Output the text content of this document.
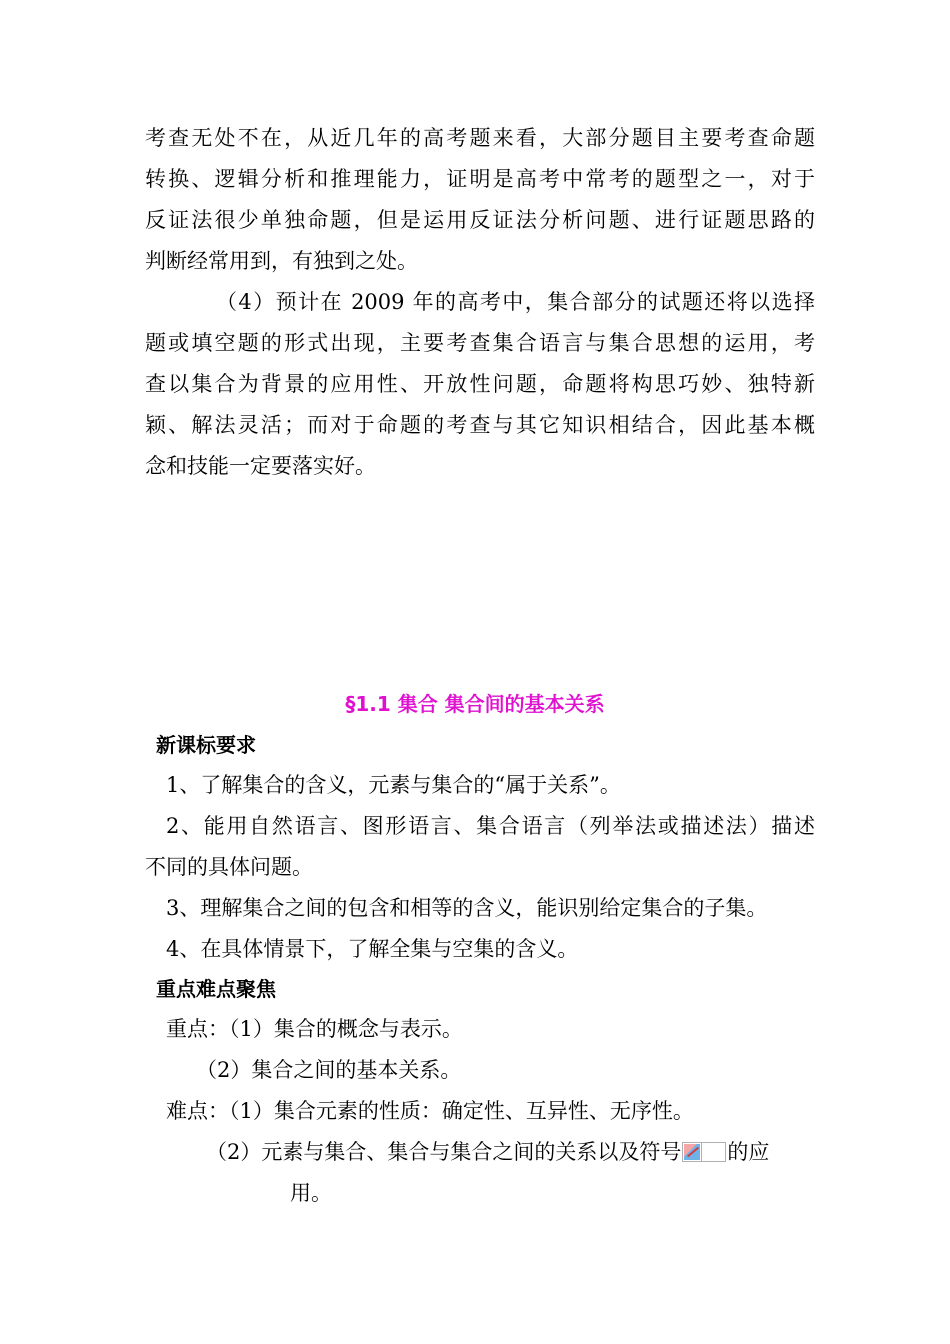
考查无处不在，从近几年的高考题来看，大部分题目主要考查命题
转换、逻辑分析和推理能力，证明是高考中常考的题型之一，对于
反证法很少单独命题，但是运用反证法分析问题、进行证题思路的
判断经常用到，有独到之处。
（4）预计在 2009 年的高考中，集合部分的试题还将以选择
题或填空题的形式出现，主要考查集合语言与集合思想的运用，考
查以集合为背景的应用性、开放性问题，命题将构思巧妙、独特新
颖、解法灵活；而对于命题的考查与其它知识相结合，因此基本概
念和技能一定要落实好。
§1.1 集合 集合间的基本关系
新课标要求
1、了解集合的含义，元素与集合的“属于关系”。
2、能用自然语言、图形语言、集合语言（列举法或描述法）描述
不同的具体问题。
3、理解集合之间的包含和相等的含义，能识别给定集合的子集。
4、在具体情景下，了解全集与空集的含义。
重点难点聚焦
重点：（1）集合的概念与表示。
（2）集合之间的基本关系。
难点：（1）集合元素的性质：确定性、互异性、无序性。
（2）元素与集合、集合与集合之间的关系以及符号 的应
用。
